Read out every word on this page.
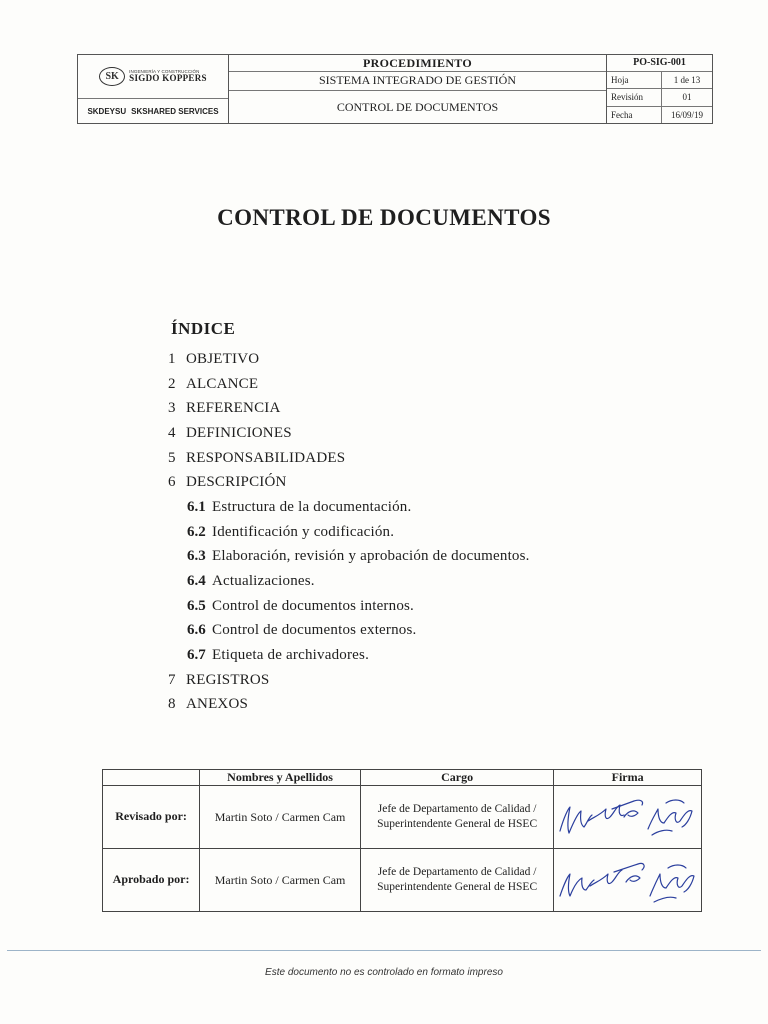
SK	INGENIERÍA Y CONSTRUCCIÓN
SIGDO KOPPERS
SKDEYSU SKSHARED SERVICES
PROCEDIMIENTO
SISTEMA INTEGRADO DE GESTIÓN
CONTROL DE DOCUMENTOS
PO-SIG-001
Hoja	1 de 13
Revisión	01
Fecha	16/09/19
CONTROL DE DOCUMENTOS
ÍNDICE
1 OBJETIVO
2 ALCANCE
3 REFERENCIA
4 DEFINICIONES
5 RESPONSABILIDADES
6 DESCRIPCIÓN
6.1 Estructura de la documentación.
6.2 Identificación y codificación.
6.3 Elaboración, revisión y aprobación de documentos.
6.4 Actualizaciones.
6.5 Control de documentos internos.
6.6 Control de documentos externos.
6.7 Etiqueta de archivadores.
7 REGISTROS
8 ANEXOS
	Nombres y Apellidos	Cargo	Firma
Revisado por:	Martin Soto / Carmen Cam	Jefe de Departamento de Calidad / Superintendente General de HSEC	

Aprobado por:	Martin Soto / Carmen Cam	Jefe de Departamento de Calidad / Superintendente General de HSEC	
Este documento no es controlado en formato impreso
